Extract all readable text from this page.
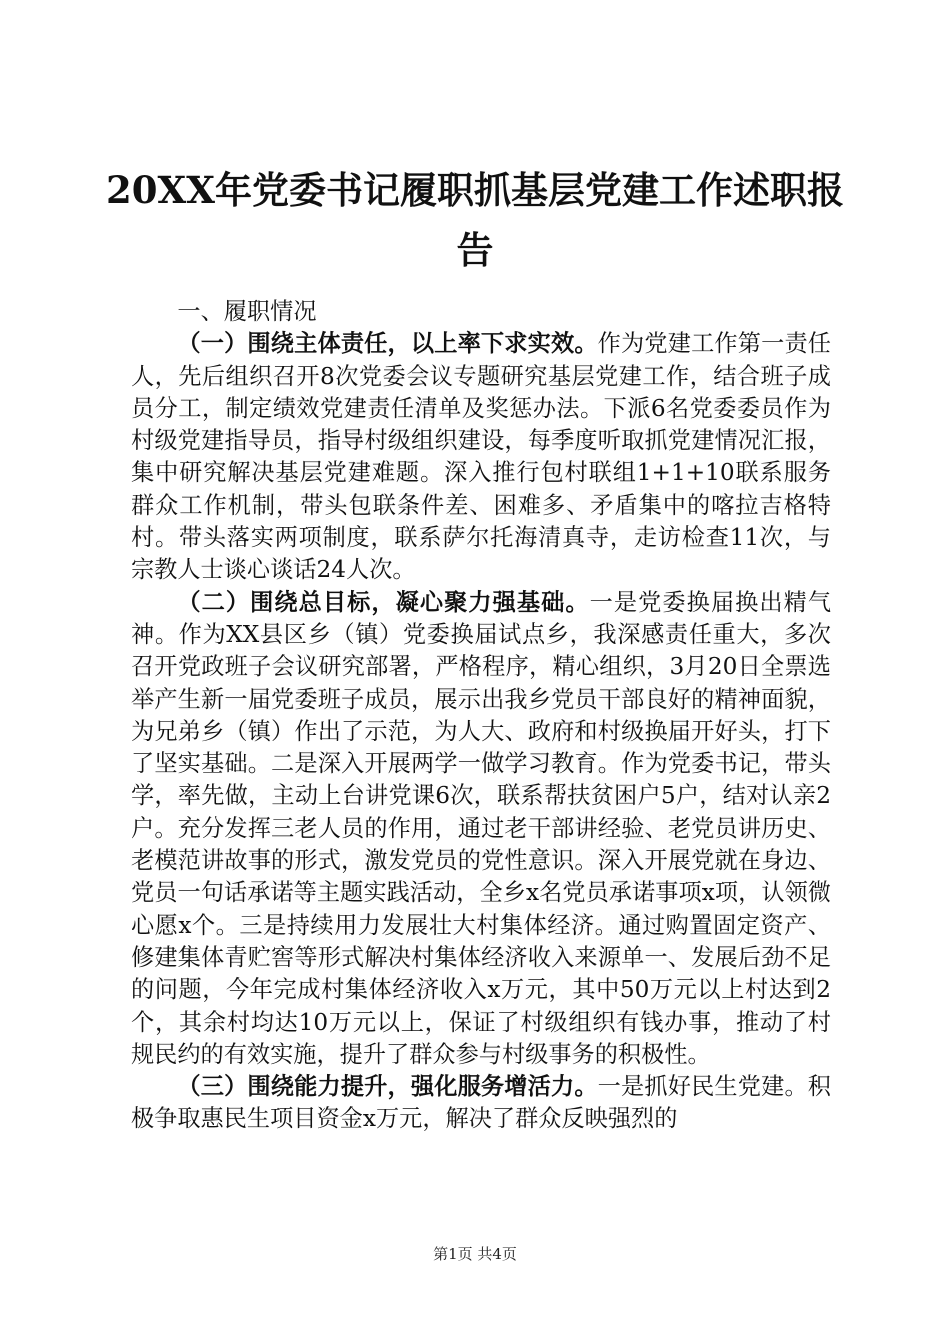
20XX年党委书记履职抓基层党建工作述职报告

一、履职情况

（一）围绕主体责任，以上率下求实效。作为党建工作第一责任人，先后组织召开8次党委会议专题研究基层党建工作，结合班子成员分工，制定绩效党建责任清单及奖惩办法。下派6名党委委员作为村级党建指导员，指导村级组织建设，每季度听取抓党建情况汇报，集中研究解决基层党建难题。深入推行包村联组1+1+10联系服务群众工作机制，带头包联条件差、困难多、矛盾集中的喀拉吉格特村。带头落实两项制度，联系萨尔托海清真寺，走访检查11次，与宗教人士谈心谈话24人次。

（二）围绕总目标，凝心聚力强基础。一是党委换届换出精气神。作为XX县区乡（镇）党委换届试点乡，我深感责任重大，多次召开党政班子会议研究部署，严格程序，精心组织，3月20日全票选举产生新一届党委班子成员，展示出我乡党员干部良好的精神面貌，为兄弟乡（镇）作出了示范，为人大、政府和村级换届开好头，打下了坚实基础。二是深入开展两学一做学习教育。作为党委书记，带头学，率先做，主动上台讲党课6次，联系帮扶贫困户5户，结对认亲2户。充分发挥三老人员的作用，通过老干部讲经验、老党员讲历史、老模范讲故事的形式，激发党员的党性意识。深入开展党就在身边、党员一句话承诺等主题实践活动，全乡x名党员承诺事项x项，认领微心愿x个。三是持续用力发展壮大村集体经济。通过购置固定资产、修建集体青贮窖等形式解决村集体经济收入来源单一、发展后劲不足的问题，今年完成村集体经济收入x万元，其中50万元以上村达到2个，其余村均达10万元以上，保证了村级组织有钱办事，推动了村规民约的有效实施，提升了群众参与村级事务的积极性。

（三）围绕能力提升，强化服务增活力。一是抓好民生党建。积极争取惠民生项目资金x万元，解决了群众反映强烈的

第1页 共4页
